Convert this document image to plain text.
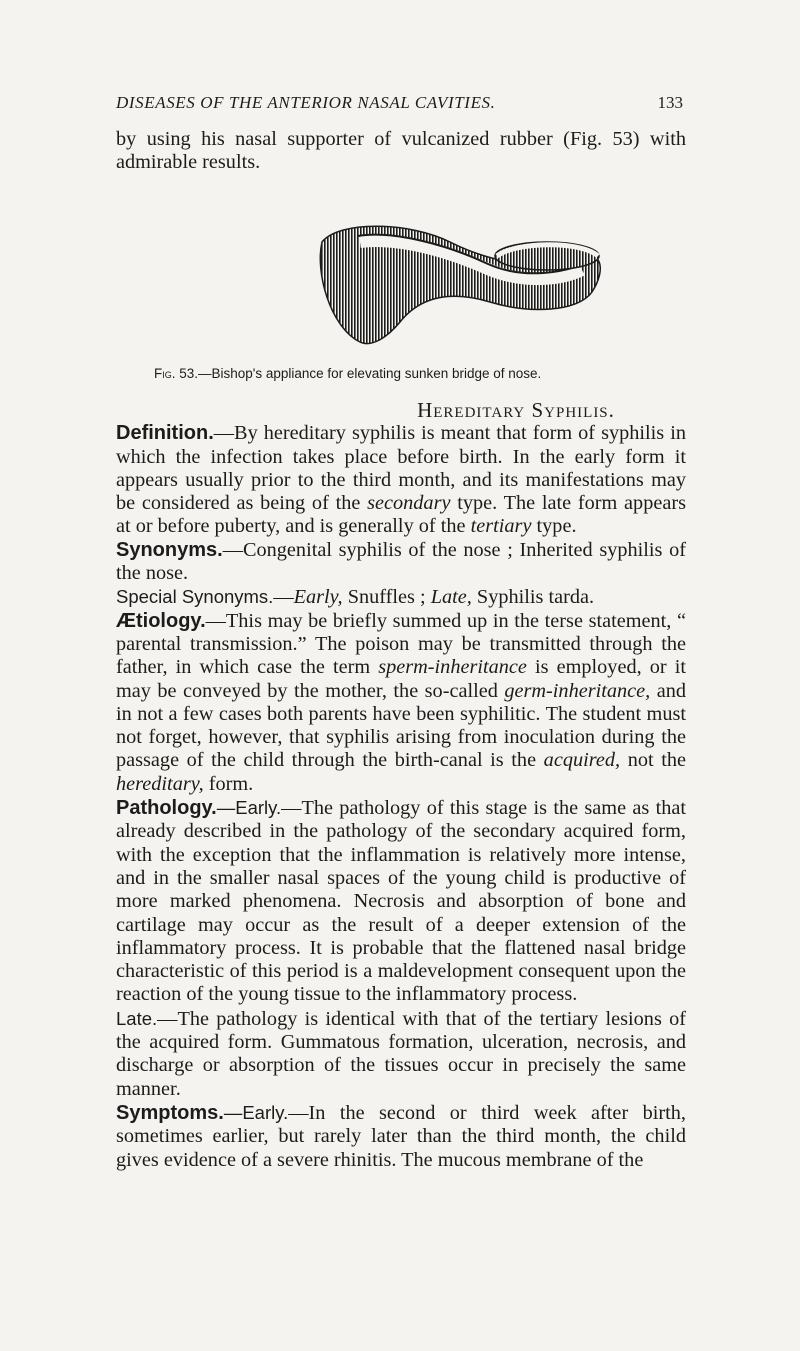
DISEASES OF THE ANTERIOR NASAL CAVITIES.	133

by using his nasal supporter of vulcanized rubber (Fig. 53) with admirable results.

Fig. 53.—Bishop's appliance for elevating sunken bridge of nose.
Hereditary Syphilis.

Definition.—By hereditary syphilis is meant that form of syphilis in which the infection takes place before birth. In the early form it appears usually prior to the third month, and its manifestations may be considered as being of the secondary type. The late form appears at or before puberty, and is generally of the tertiary type.

Synonyms.—Congenital syphilis of the nose ; Inherited syphilis of the nose.

Special Synonyms.—Early, Snuffles ; Late, Syphilis tarda.

Ætiology.—This may be briefly summed up in the terse statement, “ parental transmission.” The poison may be transmitted through the father, in which case the term sperm-inheritance is employed, or it may be conveyed by the mother, the so-called germ-inheritance, and in not a few cases both parents have been syphilitic. The student must not forget, however, that syphilis arising from inoculation during the passage of the child through the birth-canal is the acquired, not the hereditary, form.

Pathology.—Early.—The pathology of this stage is the same as that already described in the pathology of the secondary acquired form, with the exception that the inflammation is relatively more intense, and in the smaller nasal spaces of the young child is productive of more marked phenomena. Necrosis and absorption of bone and cartilage may occur as the result of a deeper extension of the inflammatory process. It is probable that the flattened nasal bridge characteristic of this period is a maldevelopment consequent upon the reaction of the young tissue to the inflammatory process.

Late.—The pathology is identical with that of the tertiary lesions of the acquired form. Gummatous formation, ulceration, necrosis, and discharge or absorption of the tissues occur in precisely the same manner.

Symptoms.—Early.—In the second or third week after birth, sometimes earlier, but rarely later than the third month, the child gives evidence of a severe rhinitis. The mucous membrane of the
